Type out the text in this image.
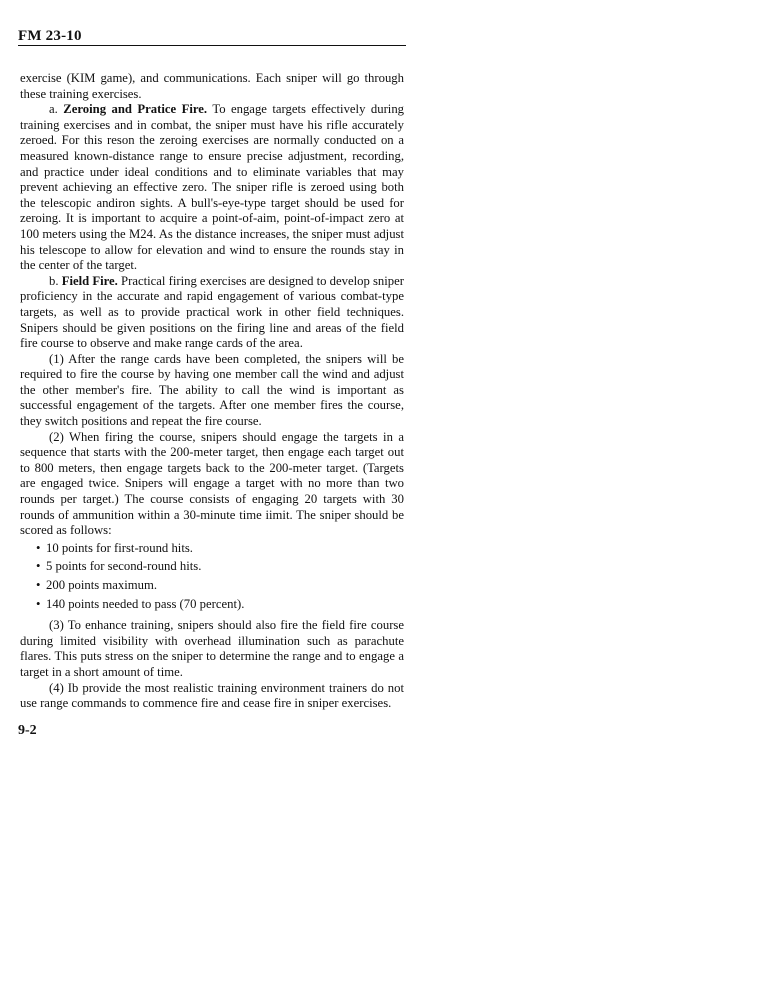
FM 23-10

exercise (KIM game), and communications. Each sniper will go through these training exercises.

a. Zeroing and Pratice Fire. To engage targets effectively during training exercises and in combat, the sniper must have his rifle accurately zeroed. For this reson the zeroing exercises are normally conducted on a measured known-distance range to ensure precise adjustment, recording, and practice under ideal conditions and to eliminate variables that may prevent achieving an effective zero. The sniper rifle is zeroed using both the telescopic andiron sights. A bull's-eye-type target should be used for zeroing. It is important to acquire a point-of-aim, point-of-impact zero at 100 meters using the M24. As the distance increases, the sniper must adjust his telescope to allow for elevation and wind to ensure the rounds stay in the center of the target.

b. Field Fire. Practical firing exercises are designed to develop sniper proficiency in the accurate and rapid engagement of various combat-type targets, as well as to provide practical work in other field techniques. Snipers should be given positions on the firing line and areas of the field fire course to observe and make range cards of the area.

(1) After the range cards have been completed, the snipers will be required to fire the course by having one member call the wind and adjust the other member's fire. The ability to call the wind is important as successful engagement of the targets. After one member fires the course, they switch positions and repeat the fire course.

(2) When firing the course, snipers should engage the targets in a sequence that starts with the 200-meter target, then engage each target out to 800 meters, then engage targets back to the 200-meter target. (Targets are engaged twice. Snipers will engage a target with no more than two rounds per target.) The course consists of engaging 20 targets with 30 rounds of ammunition within a 30-minute time iimit. The sniper should be scored as follows:

• 10 points for first-round hits.
• 5 points for second-round hits.
• 200 points maximum.
• 140 points needed to pass (70 percent).

(3) To enhance training, snipers should also fire the field fire course during limited visibility with overhead illumination such as parachute flares. This puts stress on the sniper to determine the range and to engage a target in a short amount of time.

(4) Ib provide the most realistic training environment trainers do not use range commands to commence fire and cease fire in sniper exercises.

9-2
